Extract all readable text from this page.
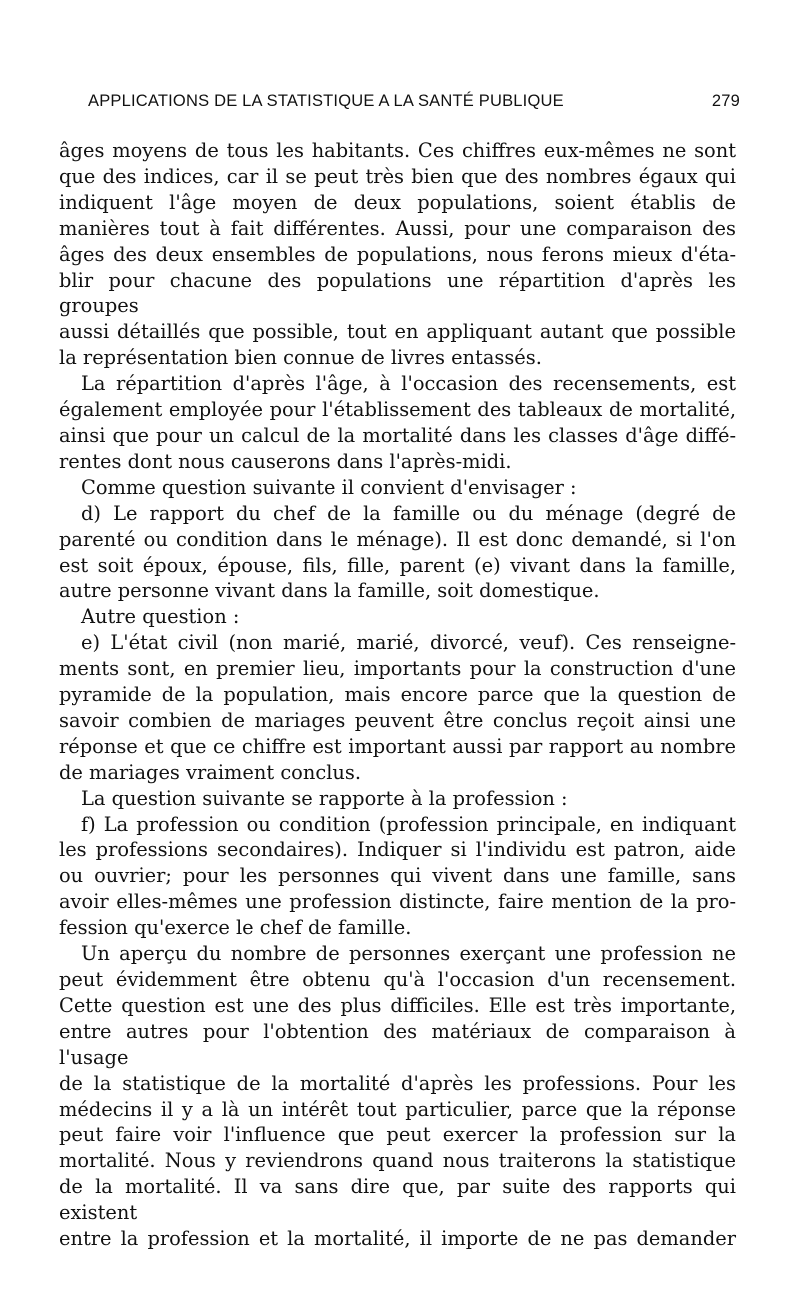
APPLICATIONS DE LA STATISTIQUE A LA SANTÉ PUBLIQUE	279

âges moyens de tous les habitants. Ces chiffres eux-mêmes ne sont

que des indices, car il se peut très bien que des nombres égaux qui

indiquent l'âge moyen de deux populations, soient établis de

manières tout à fait différentes. Aussi, pour une comparaison des

âges des deux ensembles de populations, nous ferons mieux d'éta-

blir pour chacune des populations une répartition d'après les groupes

aussi détaillés que possible, tout en appliquant autant que possible

la représentation bien connue de livres entassés.

La répartition d'après l'âge, à l'occasion des recensements, est

également employée pour l'établissement des tableaux de mortalité,

ainsi que pour un calcul de la mortalité dans les classes d'âge diffé-

rentes dont nous causerons dans l'après-midi.

Comme question suivante il convient d'envisager :

d) Le rapport du chef de la famille ou du ménage (degré de

parenté ou condition dans le ménage). Il est donc demandé, si l'on

est soit époux, épouse, fils, fille, parent (e) vivant dans la famille,

autre personne vivant dans la famille, soit domestique.

Autre question :

e) L'état civil (non marié, marié, divorcé, veuf). Ces renseigne-

ments sont, en premier lieu, importants pour la construction d'une

pyramide de la population, mais encore parce que la question de

savoir combien de mariages peuvent être conclus reçoit ainsi une

réponse et que ce chiffre est important aussi par rapport au nombre

de mariages vraiment conclus.

La question suivante se rapporte à la profession :

f) La profession ou condition (profession principale, en indiquant

les professions secondaires). Indiquer si l'individu est patron, aide

ou ouvrier; pour les personnes qui vivent dans une famille, sans

avoir elles-mêmes une profession distincte, faire mention de la pro-

fession qu'exerce le chef de famille.

Un aperçu du nombre de personnes exerçant une profession ne

peut évidemment être obtenu qu'à l'occasion d'un recensement.

Cette question est une des plus difficiles. Elle est très importante,

entre autres pour l'obtention des matériaux de comparaison à l'usage

de la statistique de la mortalité d'après les professions. Pour les

médecins il y a là un intérêt tout particulier, parce que la réponse

peut faire voir l'influence que peut exercer la profession sur la

mortalité. Nous y reviendrons quand nous traiterons la statistique

de la mortalité. Il va sans dire que, par suite des rapports qui existent

entre la profession et la mortalité, il importe de ne pas demander
